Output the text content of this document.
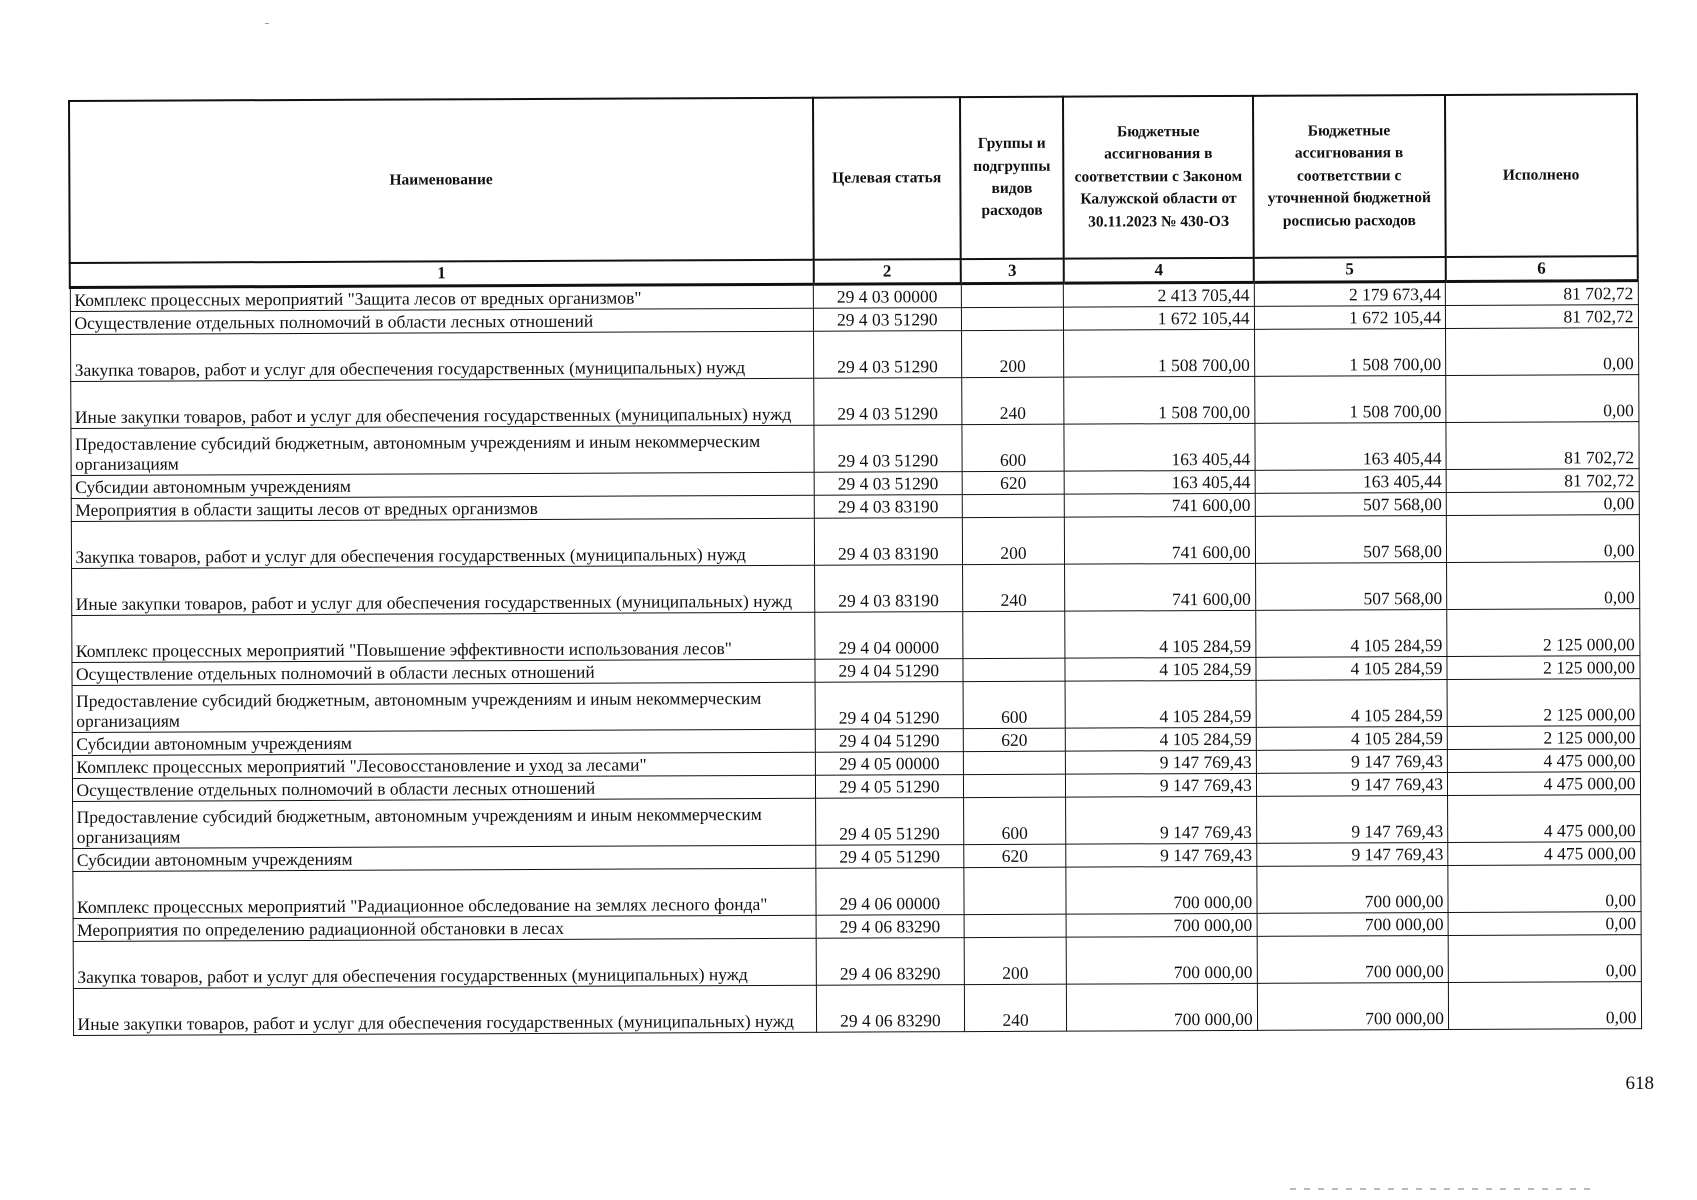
Наименование	Целевая статья	Группы и подгруппы видов расходов	Бюджетные ассигнования в соответствии с Законом Калужской области от 30.11.2023 № 430-ОЗ	Бюджетные ассигнования в соответствии с уточненной бюджетной росписью расходов	Исполнено
1	2	3	4	5	6
Комплекс процессных мероприятий "Защита лесов от вредных организмов"	29 4 03 00000		2 413 705,44	2 179 673,44	81 702,72
Осуществление отдельных полномочий в области лесных отношений	29 4 03 51290		1 672 105,44	1 672 105,44	81 702,72
Закупка товаров, работ и услуг для обеспечения государственных (муниципальных) нужд	29 4 03 51290	200	1 508 700,00	1 508 700,00	0,00
Иные закупки товаров, работ и услуг для обеспечения государственных (муниципальных) нужд	29 4 03 51290	240	1 508 700,00	1 508 700,00	0,00
Предоставление субсидий бюджетным, автономным учреждениям и иным некоммерческим организациям	29 4 03 51290	600	163 405,44	163 405,44	81 702,72
Субсидии автономным учреждениям	29 4 03 51290	620	163 405,44	163 405,44	81 702,72
Мероприятия в области защиты лесов от вредных организмов	29 4 03 83190		741 600,00	507 568,00	0,00
Закупка товаров, работ и услуг для обеспечения государственных (муниципальных) нужд	29 4 03 83190	200	741 600,00	507 568,00	0,00
Иные закупки товаров, работ и услуг для обеспечения государственных (муниципальных) нужд	29 4 03 83190	240	741 600,00	507 568,00	0,00
Комплекс процессных мероприятий "Повышение эффективности использования лесов"	29 4 04 00000		4 105 284,59	4 105 284,59	2 125 000,00
Осуществление отдельных полномочий в области лесных отношений	29 4 04 51290		4 105 284,59	4 105 284,59	2 125 000,00
Предоставление субсидий бюджетным, автономным учреждениям и иным некоммерческим организациям	29 4 04 51290	600	4 105 284,59	4 105 284,59	2 125 000,00
Субсидии автономным учреждениям	29 4 04 51290	620	4 105 284,59	4 105 284,59	2 125 000,00
Комплекс процессных мероприятий "Лесовосстановление и уход за лесами"	29 4 05 00000		9 147 769,43	9 147 769,43	4 475 000,00
Осуществление отдельных полномочий в области лесных отношений	29 4 05 51290		9 147 769,43	9 147 769,43	4 475 000,00
Предоставление субсидий бюджетным, автономным учреждениям и иным некоммерческим организациям	29 4 05 51290	600	9 147 769,43	9 147 769,43	4 475 000,00
Субсидии автономным учреждениям	29 4 05 51290	620	9 147 769,43	9 147 769,43	4 475 000,00
Комплекс процессных мероприятий "Радиационное обследование на землях лесного фонда"	29 4 06 00000		700 000,00	700 000,00	0,00
Мероприятия по определению радиационной обстановки в лесах	29 4 06 83290		700 000,00	700 000,00	0,00
Закупка товаров, работ и услуг для обеспечения государственных (муниципальных) нужд	29 4 06 83290	200	700 000,00	700 000,00	0,00
Иные закупки товаров, работ и услуг для обеспечения государственных (муниципальных) нужд	29 4 06 83290	240	700 000,00	700 000,00	0,00
618
